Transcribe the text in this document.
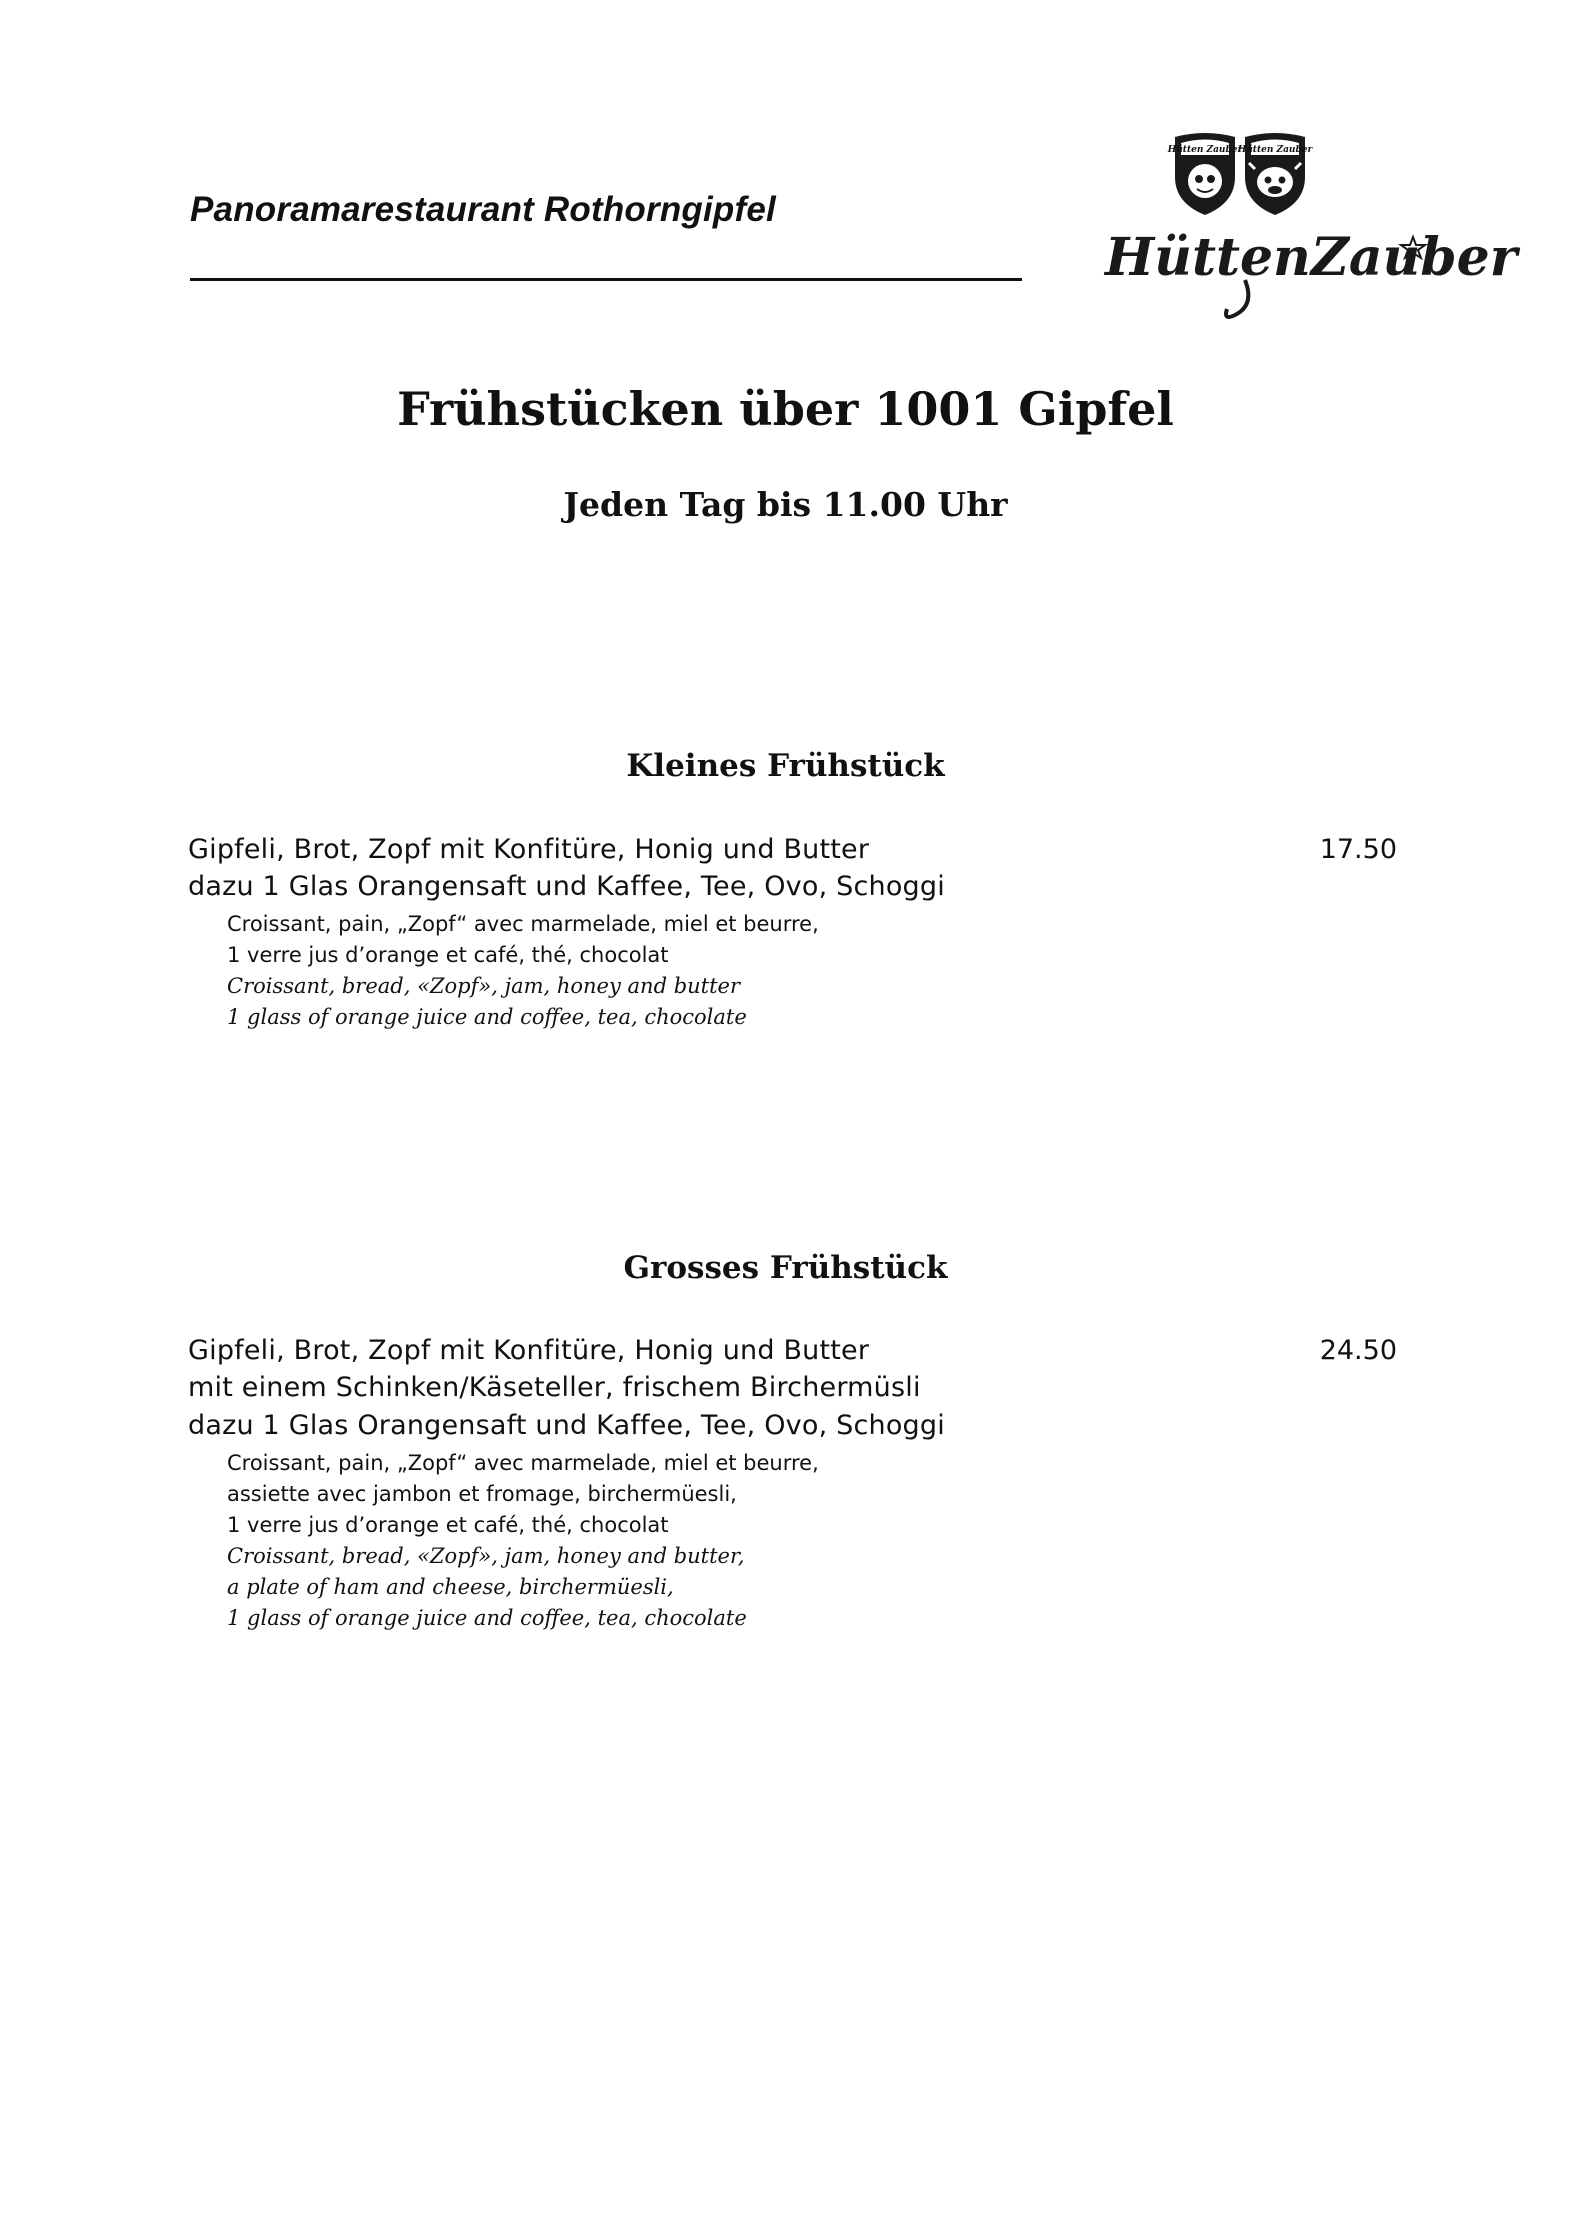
Panoramarestaurant Rothorngipfel
Hütten Zauber
Hütten Zauber
HüttenZauber
Frühstücken über 1001 Gipfel
Jeden Tag bis 11.00 Uhr
Kleines Frühstück
Gipfeli, Brot, Zopf mit Konfitüre, Honig und Butter	17.50
dazu 1 Glas Orangensaft und Kaffee, Tee, Ovo, Schoggi
Croissant, pain, „Zopf“ avec marmelade, miel et beurre,
1 verre jus d’orange et café, thé, chocolat
Croissant, bread, «Zopf», jam, honey and butter
1 glass of orange juice and coffee, tea, chocolate
Grosses Frühstück
Gipfeli, Brot, Zopf mit Konfitüre, Honig und Butter	24.50
mit einem Schinken/Käseteller, frischem Birchermüsli
dazu 1 Glas Orangensaft und Kaffee, Tee, Ovo, Schoggi
Croissant, pain, „Zopf“ avec marmelade, miel et beurre,
assiette avec jambon et fromage, birchermüesli,
1 verre jus d’orange et café, thé, chocolat
Croissant, bread, «Zopf», jam, honey and butter,
a plate of ham and cheese, birchermüesli,
1 glass of orange juice and coffee, tea, chocolate
